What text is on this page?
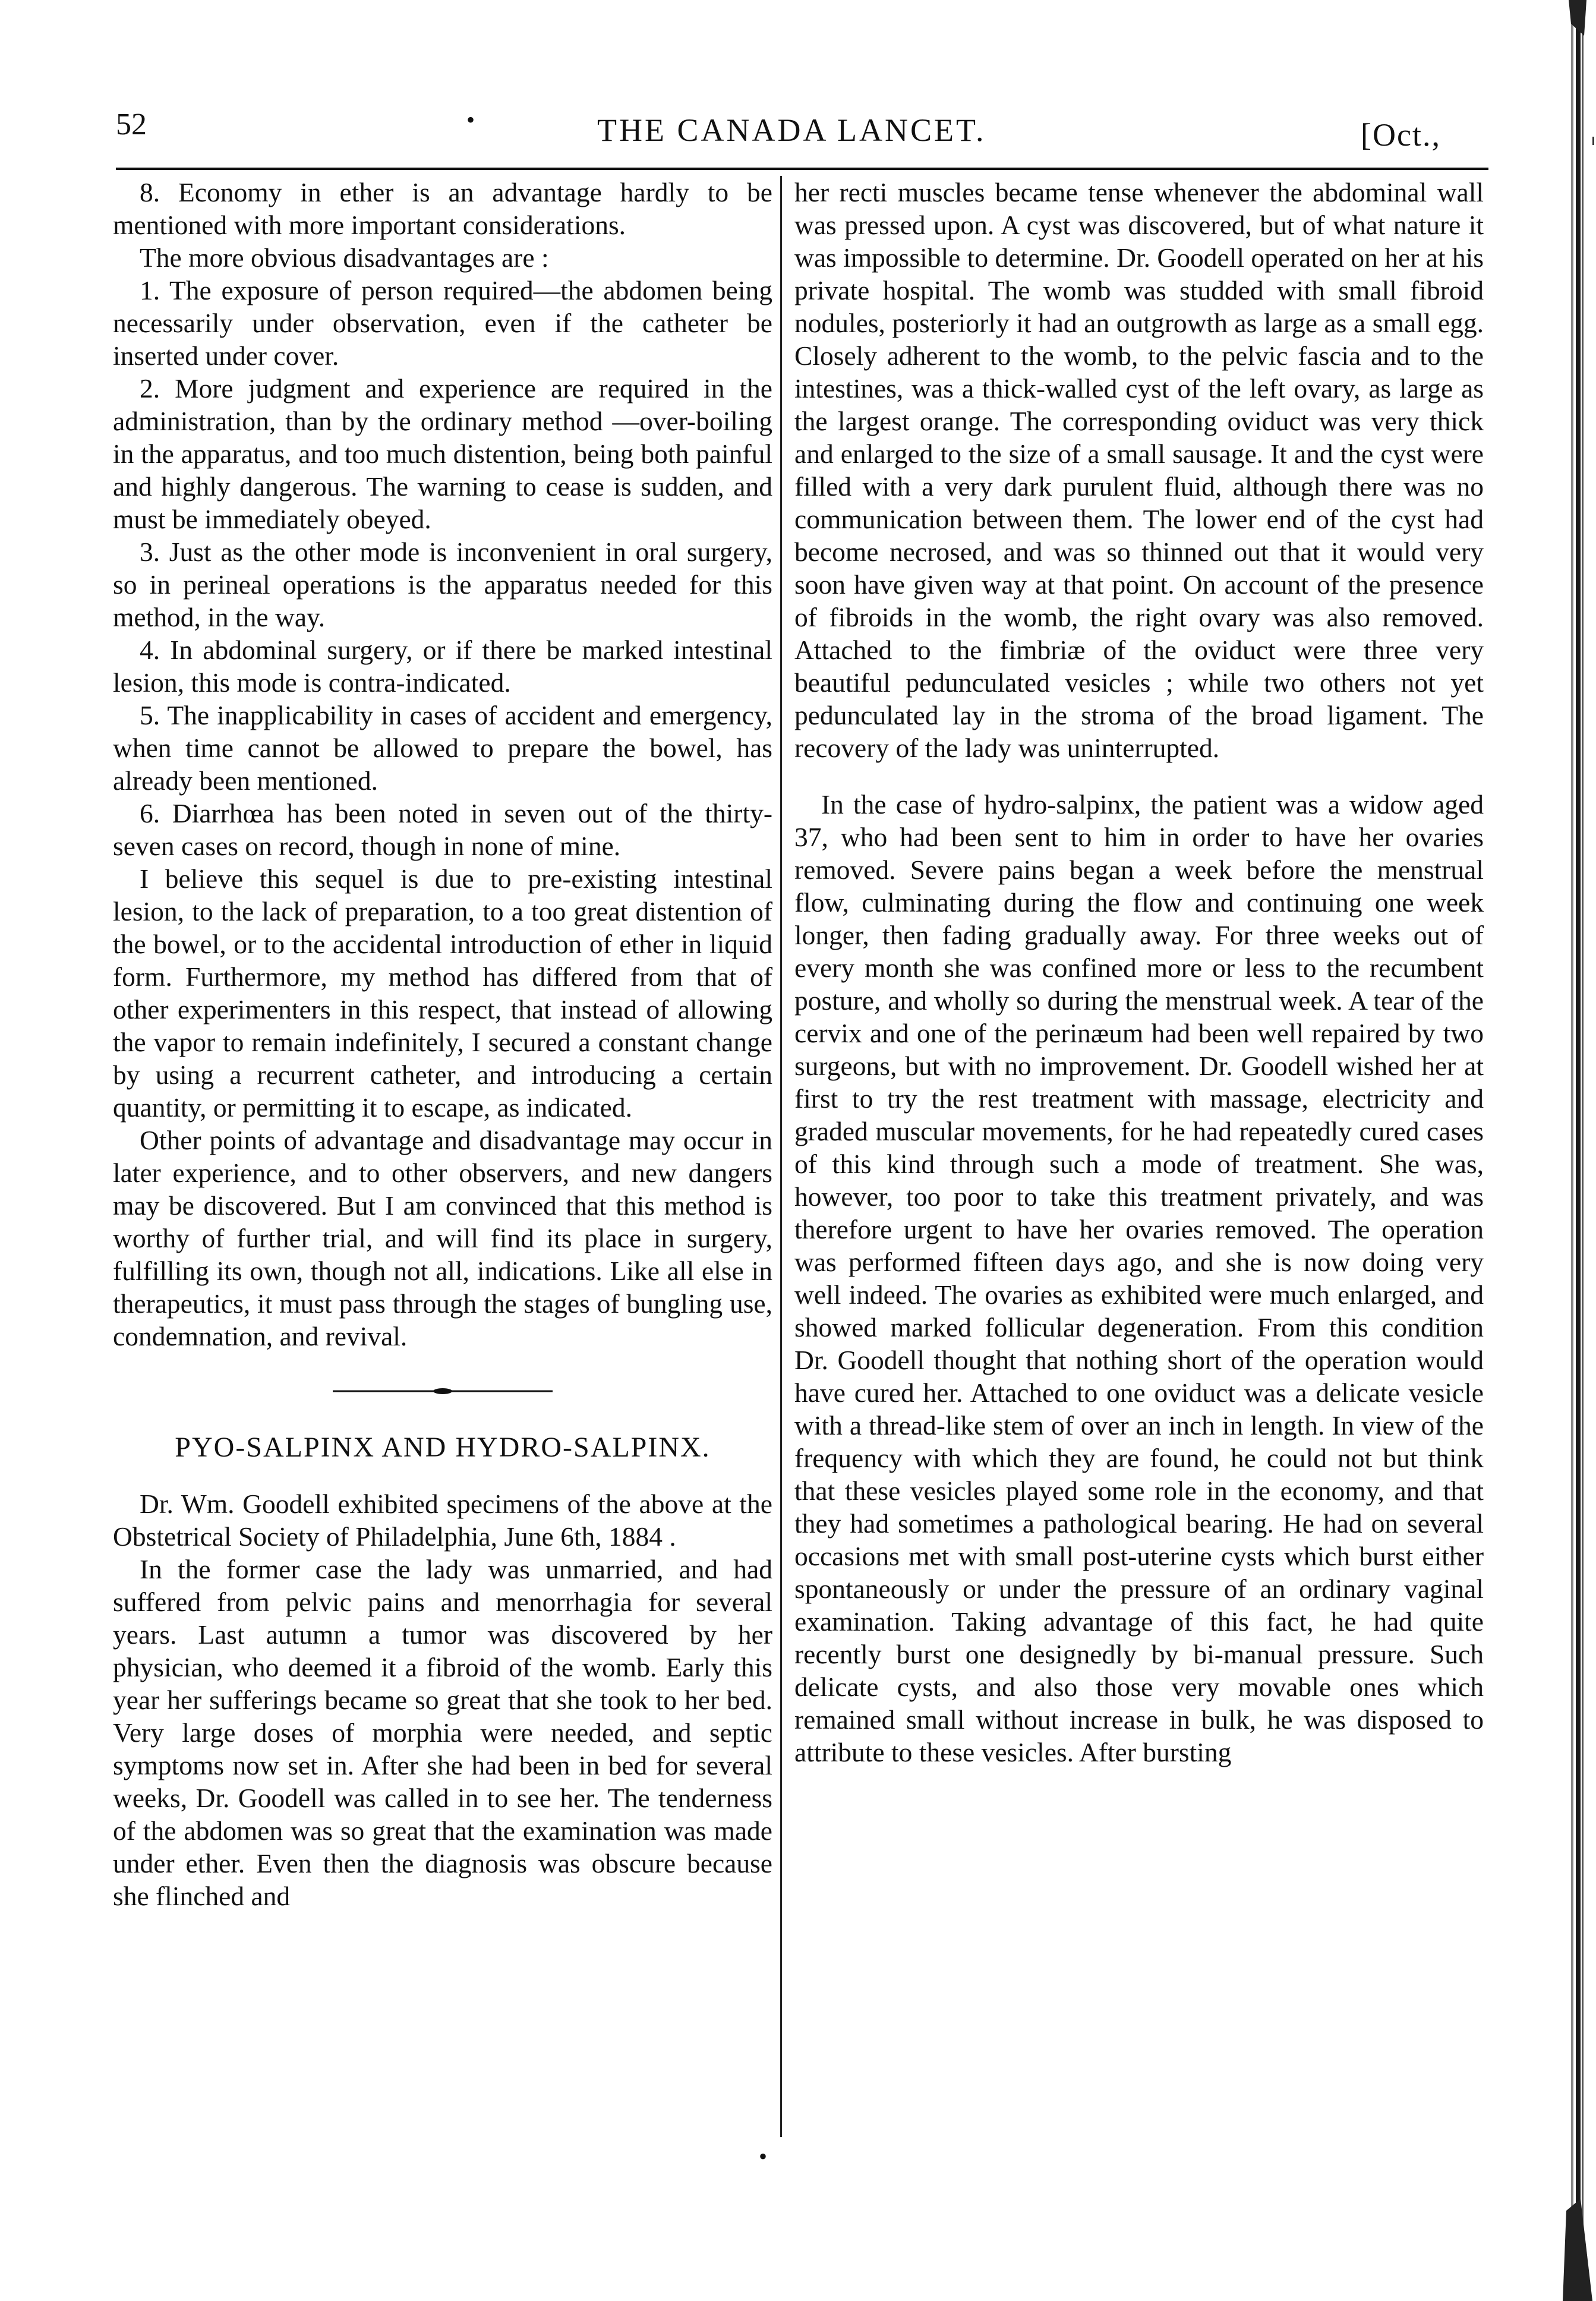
52	•	THE CANADA LANCET.	[Oct.,

8. Economy in ether is an advantage hardly to be mentioned with more important considerations.

The more obvious disadvantages are :

1. The exposure of person required—the abdomen being necessarily under observation, even if the catheter be inserted under cover.

2. More judgment and experience are required in the administration, than by the ordinary method —over-boiling in the apparatus, and too much distention, being both painful and highly dangerous. The warning to cease is sudden, and must be immediately obeyed.

3. Just as the other mode is inconvenient in oral surgery, so in perineal operations is the apparatus needed for this method, in the way.

4. In abdominal surgery, or if there be marked intestinal lesion, this mode is contra-indicated.

5. The inapplicability in cases of accident and emergency, when time cannot be allowed to prepare the bowel, has already been mentioned.

6. Diarrhœa has been noted in seven out of the thirty-seven cases on record, though in none of mine.

I believe this sequel is due to pre-existing intestinal lesion, to the lack of preparation, to a too great distention of the bowel, or to the accidental introduction of ether in liquid form. Furthermore, my method has differed from that of other experimenters in this respect, that instead of allowing the vapor to remain indefinitely, I secured a constant change by using a recurrent catheter, and introducing a certain quantity, or permitting it to escape, as indicated.

Other points of advantage and disadvantage may occur in later experience, and to other observers, and new dangers may be discovered. But I am convinced that this method is worthy of further trial, and will find its place in surgery, fulfilling its own, though not all, indications. Like all else in therapeutics, it must pass through the stages of bungling use, condemnation, and revival.

PYO-SALPINX AND HYDRO-SALPINX.

Dr. Wm. Goodell exhibited specimens of the above at the Obstetrical Society of Philadelphia, June 6th, 1884 .

In the former case the lady was unmarried, and had suffered from pelvic pains and menorrhagia for several years. Last autumn a tumor was discovered by her physician, who deemed it a fibroid of the womb. Early this year her sufferings became so great that she took to her bed. Very large doses of morphia were needed, and septic symptoms now set in. After she had been in bed for several weeks, Dr. Goodell was called in to see her. The tenderness of the abdomen was so great that the examination was made under ether. Even then the diagnosis was obscure because she flinched and

her recti muscles became tense whenever the abdominal wall was pressed upon. A cyst was discovered, but of what nature it was impossible to determine. Dr. Goodell operated on her at his private hospital. The womb was studded with small fibroid nodules, posteriorly it had an outgrowth as large as a small egg. Closely adherent to the womb, to the pelvic fascia and to the intestines, was a thick-walled cyst of the left ovary, as large as the largest orange. The corresponding oviduct was very thick and enlarged to the size of a small sausage. It and the cyst were filled with a very dark purulent fluid, although there was no communication between them. The lower end of the cyst had become necrosed, and was so thinned out that it would very soon have given way at that point. On account of the presence of fibroids in the womb, the right ovary was also removed. Attached to the fimbriæ of the oviduct were three very beautiful pedunculated vesicles ; while two others not yet pedunculated lay in the stroma of the broad ligament. The recovery of the lady was uninterrupted.

In the case of hydro-salpinx, the patient was a widow aged 37, who had been sent to him in order to have her ovaries removed. Severe pains began a week before the menstrual flow, culminating during the flow and continuing one week longer, then fading gradually away. For three weeks out of every month she was confined more or less to the recumbent posture, and wholly so during the menstrual week. A tear of the cervix and one of the perinæum had been well repaired by two surgeons, but with no improvement. Dr. Goodell wished her at first to try the rest treatment with massage, electricity and graded muscular movements, for he had repeatedly cured cases of this kind through such a mode of treatment. She was, however, too poor to take this treatment privately, and was therefore urgent to have her ovaries removed. The operation was performed fifteen days ago, and she is now doing very well indeed. The ovaries as exhibited were much enlarged, and showed marked follicular degeneration. From this condition Dr. Goodell thought that nothing short of the operation would have cured her. Attached to one oviduct was a delicate vesicle with a thread-like stem of over an inch in length. In view of the frequency with which they are found, he could not but think that these vesicles played some role in the economy, and that they had sometimes a pathological bearing. He had on several occasions met with small post-uterine cysts which burst either spontaneously or under the pressure of an ordinary vaginal examination. Taking advantage of this fact, he had quite recently burst one designedly by bi-manual pressure. Such delicate cysts, and also those very movable ones which remained small without increase in bulk, he was disposed to attribute to these vesicles. After bursting

•
